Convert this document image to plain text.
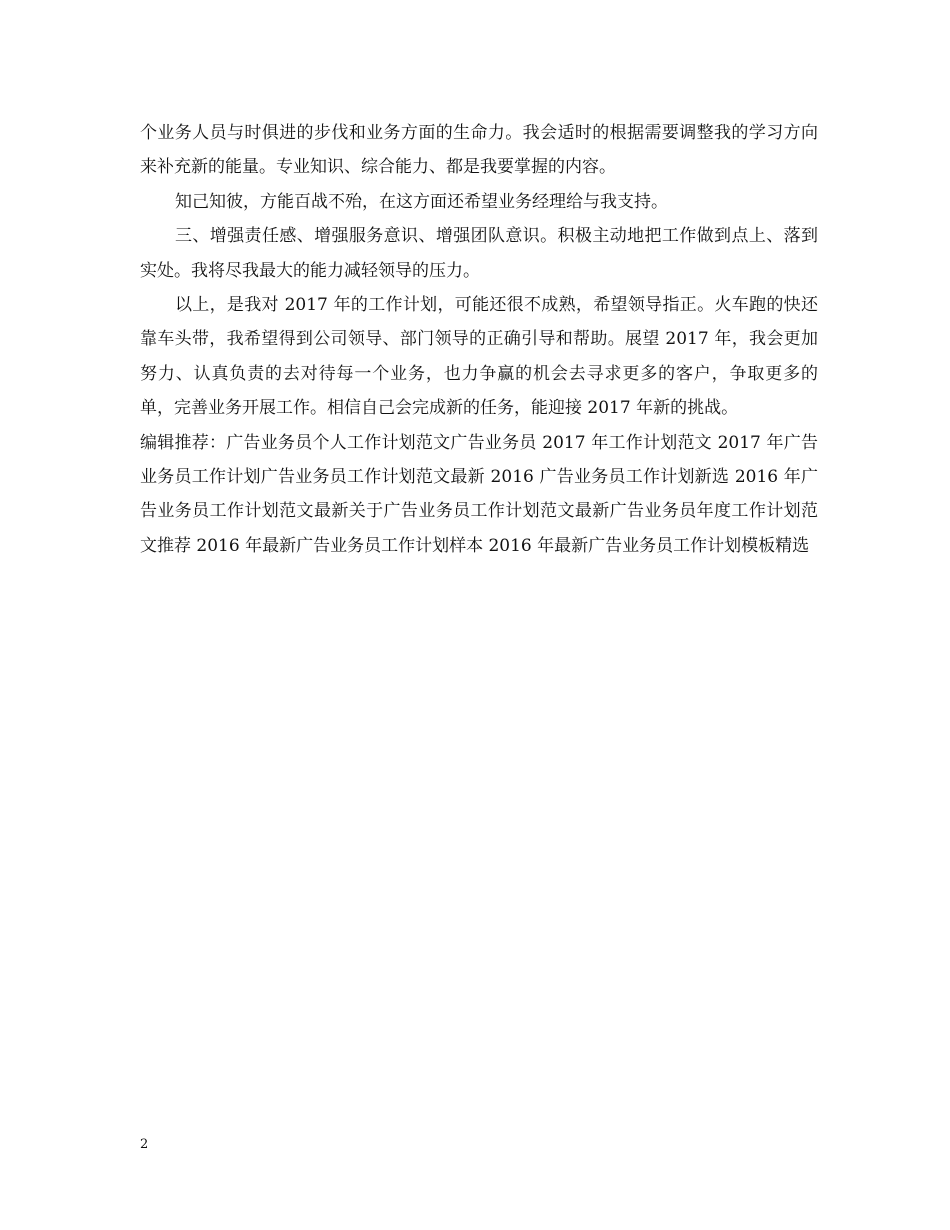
个业务人员与时俱进的步伐和业务方面的生命力。我会适时的根据需要调整我的学习方向来补充新的能量。专业知识、综合能力、都是我要掌握的内容。

知己知彼，方能百战不殆，在这方面还希望业务经理给与我支持。

三、增强责任感、增强服务意识、增强团队意识。积极主动地把工作做到点上、落到实处。我将尽我最大的能力减轻领导的压力。

以上，是我对 2017 年的工作计划，可能还很不成熟，希望领导指正。火车跑的快还靠车头带，我希望得到公司领导、部门领导的正确引导和帮助。展望 2017 年，我会更加努力、认真负责的去对待每一个业务，也力争赢的机会去寻求更多的客户，争取更多的单，完善业务开展工作。相信自己会完成新的任务，能迎接 2017 年新的挑战。

编辑推荐：广告业务员个人工作计划范文广告业务员 2017 年工作计划范文 2017 年广告业务员工作计划广告业务员工作计划范文最新 2016 广告业务员工作计划新选 2016 年广告业务员工作计划范文最新关于广告业务员工作计划范文最新广告业务员年度工作计划范文推荐 2016 年最新广告业务员工作计划样本 2016 年最新广告业务员工作计划模板精选

2
